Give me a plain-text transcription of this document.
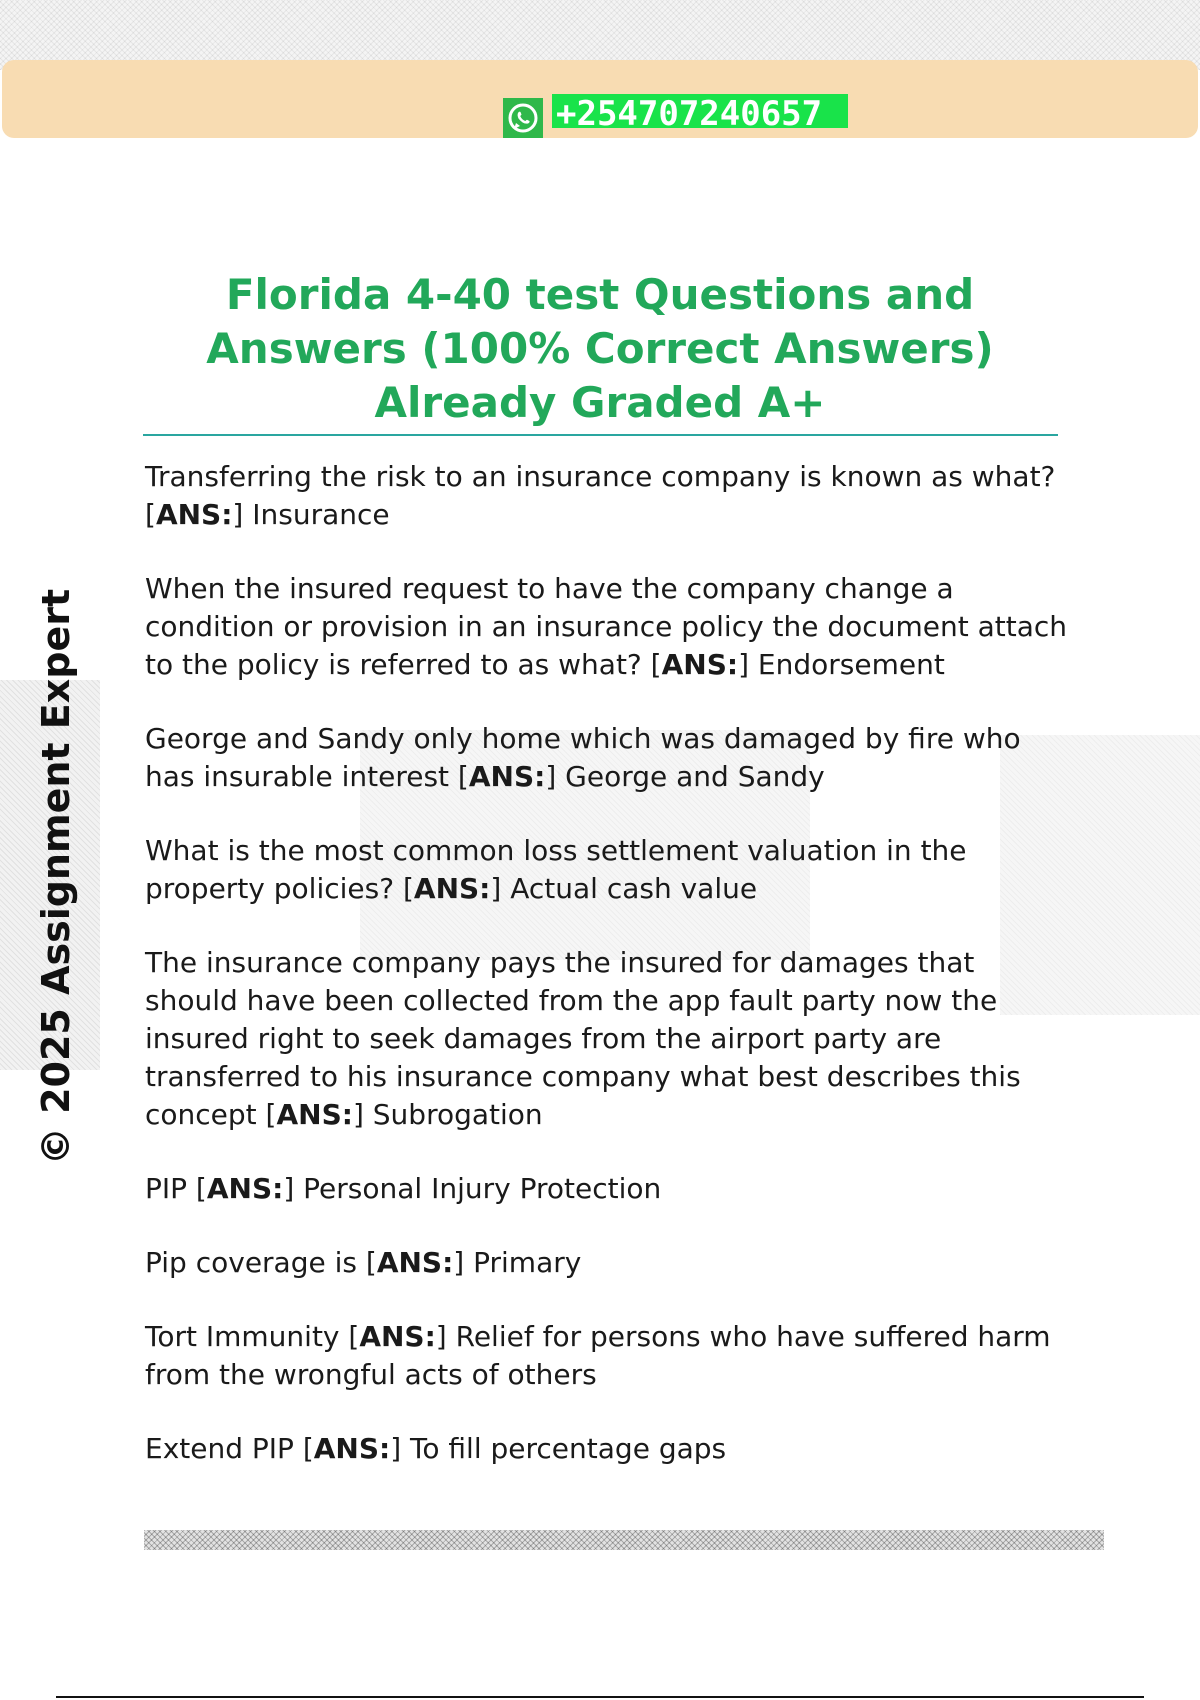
+254707240657
© 2025 Assignment Expert
Florida 4-40 test Questions and Answers (100% Correct Answers) Already Graded A+

Transferring the risk to an insurance company is known as what? [ANS:] Insurance

When the insured request to have the company change a condition or provision in an insurance policy the document attach to the policy is referred to as what? [ANS:] Endorsement

George and Sandy only home which was damaged by fire who has insurable interest [ANS:] George and Sandy

What is the most common loss settlement valuation in the property policies? [ANS:] Actual cash value

The insurance company pays the insured for damages that should have been collected from the app fault party now the insured right to seek damages from the airport party are transferred to his insurance company what best describes this concept [ANS:] Subrogation

PIP [ANS:] Personal Injury Protection

Pip coverage is [ANS:] Primary

Tort Immunity [ANS:] Relief for persons who have suffered harm from the wrongful acts of others

Extend PIP [ANS:] To fill percentage gaps
